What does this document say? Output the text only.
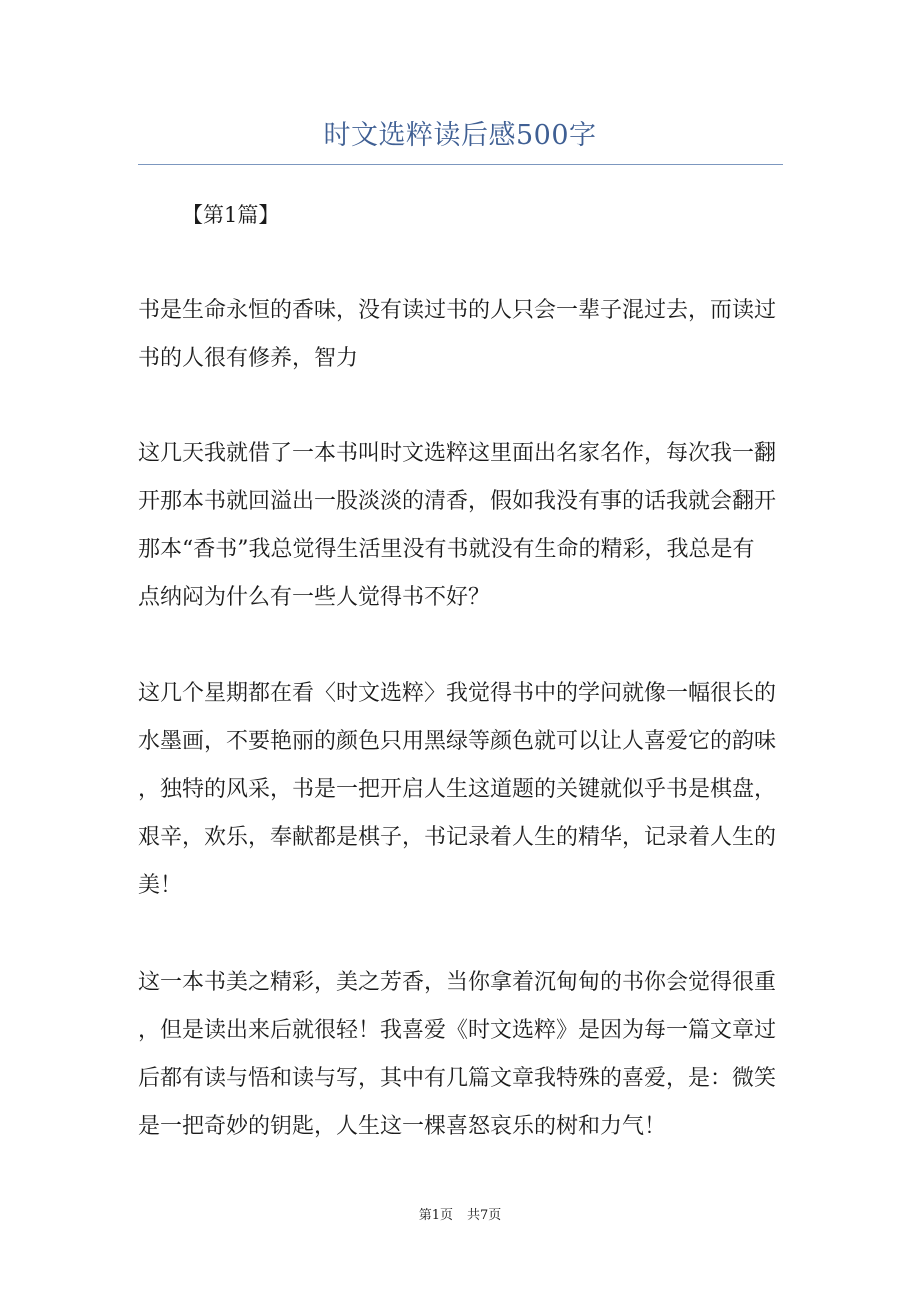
时文选粹读后感500字
【第1篇】

书是生命永恒的香味，没有读过书的人只会一辈子混过去，而读过
书的人很有修养，智力

这几天我就借了一本书叫时文选粹这里面出名家名作，每次我一翻
开那本书就回溢出一股淡淡的清香，假如我没有事的话我就会翻开
那本“香书”我总觉得生活里没有书就没有生命的精彩，我总是有
点纳闷为什么有一些人觉得书不好？

这几个星期都在看〈时文选粹〉我觉得书中的学问就像一幅很长的
水墨画，不要艳丽的颜色只用黑绿等颜色就可以让人喜爱它的韵味
，独特的风采，书是一把开启人生这道题的关键就似乎书是棋盘，
艰辛，欢乐，奉献都是棋子，书记录着人生的精华，记录着人生的
美！

这一本书美之精彩，美之芳香，当你拿着沉甸甸的书你会觉得很重
，但是读出来后就很轻！我喜爱《时文选粹》是因为每一篇文章过
后都有读与悟和读与写，其中有几篇文章我特殊的喜爱，是：微笑
是一把奇妙的钥匙，人生这一棵喜怒哀乐的树和力气！

第1页 共7页
